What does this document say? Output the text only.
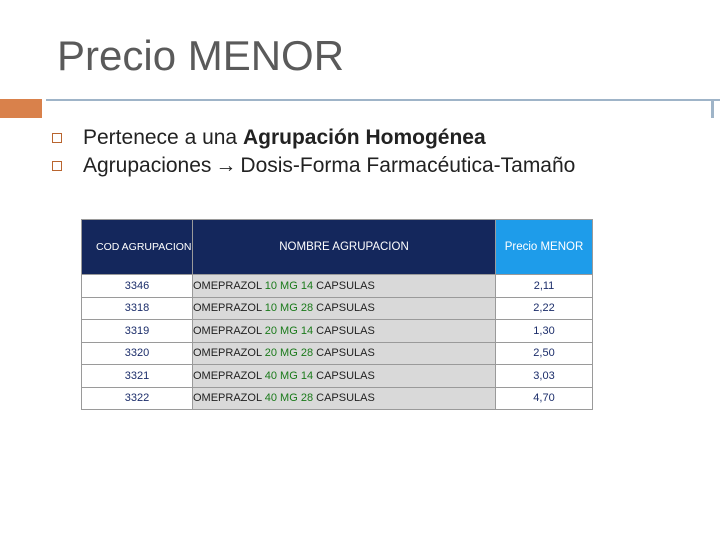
Precio MENOR
Pertenece a una Agrupación Homogénea
Agrupaciones → Dosis-Forma Farmacéutica-Tamaño
COD AGRUPACION	NOMBRE AGRUPACION	Precio MENOR
3346	OMEPRAZOL 10 MG 14 CAPSULAS	2,11
3318	OMEPRAZOL 10 MG 28 CAPSULAS	2,22
3319	OMEPRAZOL 20 MG 14 CAPSULAS	1,30
3320	OMEPRAZOL 20 MG 28 CAPSULAS	2,50
3321	OMEPRAZOL 40 MG 14 CAPSULAS	3,03
3322	OMEPRAZOL 40 MG 28 CAPSULAS	4,70
